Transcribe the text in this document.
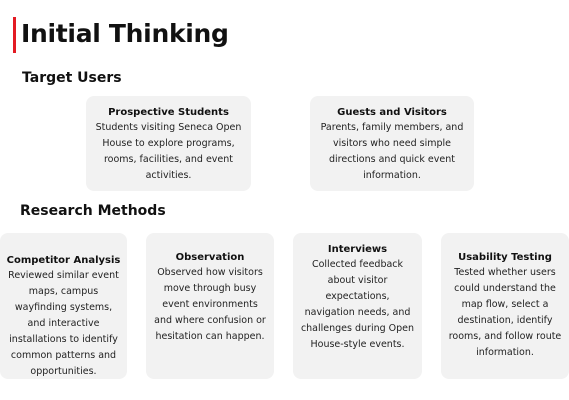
Initial Thinking
Target Users
Prospective Students
Students visiting Seneca Open House to explore programs, rooms, facilities, and event activities.
Guests and Visitors
Parents, family members, and visitors who need simple directions and quick event information.
Research Methods
Competitor Analysis
Reviewed similar event maps, campus wayfinding systems, and interactive installations to identify common patterns and opportunities.
Observation
Observed how visitors move through busy event environments and where confusion or hesitation can happen.
Interviews
Collected feedback about visitor expectations, navigation needs, and challenges during Open House-style events.
Usability Testing
Tested whether users could understand the map flow, select a destination, identify rooms, and follow route information.
